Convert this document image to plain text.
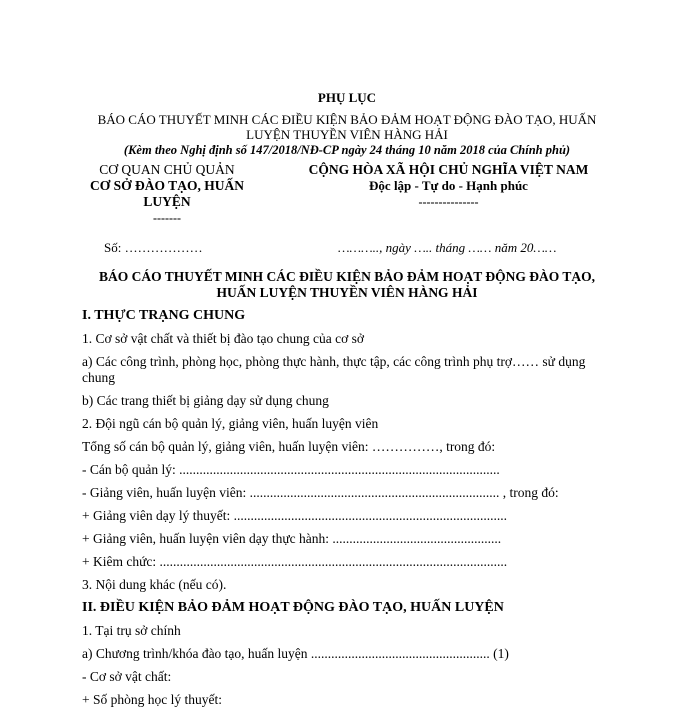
PHỤ LỤC
BÁO CÁO THUYẾT MINH CÁC ĐIỀU KIỆN BẢO ĐẢM HOẠT ĐỘNG ĐÀO TẠO, HUẤN LUYỆN THUYỀN VIÊN HÀNG HẢI
(Kèm theo Nghị định số 147/2018/NĐ-CP ngày 24 tháng 10 năm 2018 của Chính phủ)
CƠ QUAN CHỦ QUẢN
CƠ SỞ ĐÀO TẠO, HUẤN LUYỆN
-------
CỘNG HÒA XÃ HỘI CHỦ NGHĨA VIỆT NAM
Độc lập - Tự do - Hạnh phúc
---------------
Số: ………………	……….., ngày ….. tháng …… năm 20……
BÁO CÁO THUYẾT MINH CÁC ĐIỀU KIỆN BẢO ĐẢM HOẠT ĐỘNG ĐÀO TẠO, HUẤN LUYỆN THUYỀN VIÊN HÀNG HẢI
I. THỰC TRẠNG CHUNG
1. Cơ sở vật chất và thiết bị đào tạo chung của cơ sở
a) Các công trình, phòng học, phòng thực hành, thực tập, các công trình phụ trợ…… sử dụng chung
b) Các trang thiết bị giảng dạy sử dụng chung
2. Đội ngũ cán bộ quản lý, giảng viên, huấn luyện viên
Tổng số cán bộ quản lý, giảng viên, huấn luyện viên: ……………, trong đó:
- Cán bộ quản lý: ...............................................................................................
- Giảng viên, huấn luyện viên: .......................................................................... , trong đó:
+ Giảng viên dạy lý thuyết: .................................................................................
+ Giảng viên, huấn luyện viên dạy thực hành: ..................................................
+ Kiêm chức: .......................................................................................................
3. Nội dung khác (nếu có).
II. ĐIỀU KIỆN BẢO ĐẢM HOẠT ĐỘNG ĐÀO TẠO, HUẤN LUYỆN
1. Tại trụ sở chính
a) Chương trình/khóa đào tạo, huấn luyện ..................................................... (1)
- Cơ sở vật chất:
+ Số phòng học lý thuyết:
